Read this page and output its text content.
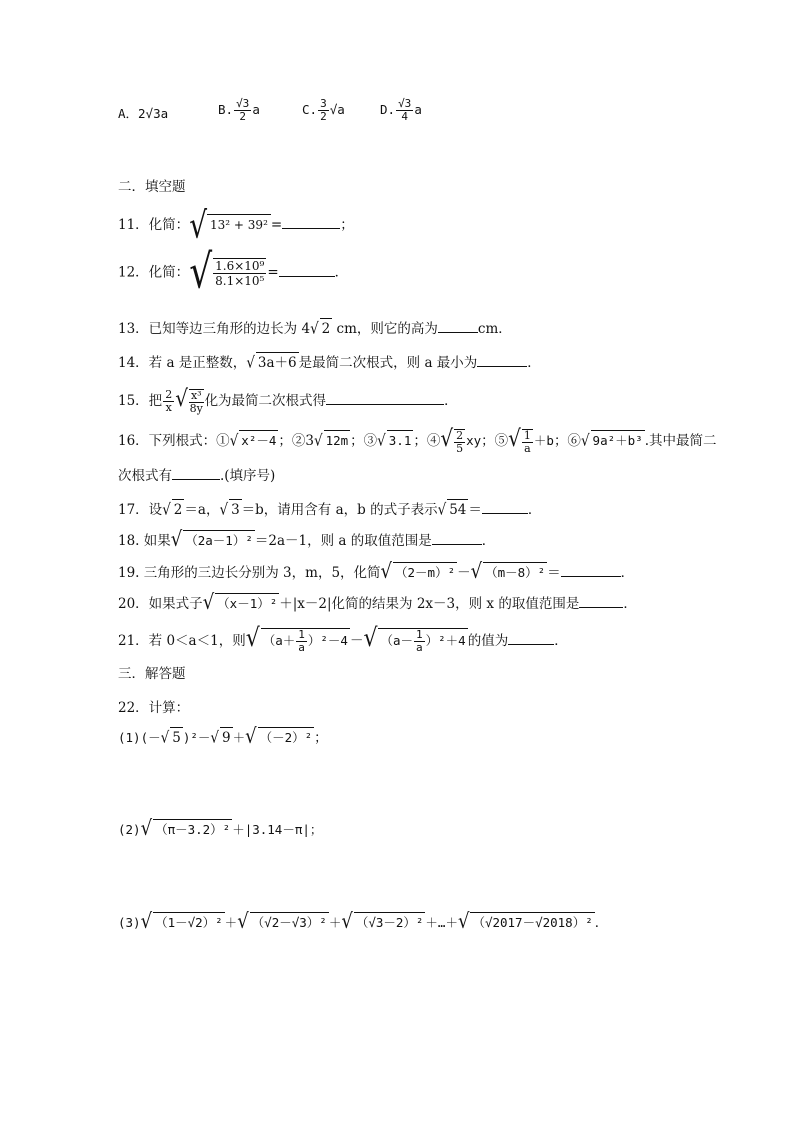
A．2√3a	B. $\frac{√3}{2}$ a	C. $\frac{3}{2} √a$	D. $\frac{√3}{4}$ a
二．填空题
11．化简：√ 13² + 39² =	；
12．化简：√ $\frac{\text{1.6×10⁹}}{\text{8.1×10⁵}}$ =	．
13．已知等边三角形的边长为 4√ 2 cm，则它的高为	cm．
14．若 a 是正整数，√ 3a＋6 是最简二次根式，则 a 最小为	．
15．把 $\frac{2}{x}$ √ $\frac{\text{x³}}{8y}$ 化为最简二次根式得	．
16．下列根式：①√ x²－4 ；②3√ 12m ；③√ 3.1 ；④√ $\frac{2}{5}$ xy；⑤√ $\frac{1}{a} +b$；⑥√ 9a²＋b³ .其中最简二
次根式有	.(填序号)
17．设√ 2 ＝a，√ 3 ＝b，请用含有 a，b 的式子表示√ 54 ＝	．
18. 如果√ （2a－1）² ＝2a－1，则 a 的取值范围是	．
19. 三角形的三边长分别为 3，m，5，化简√ （2－m）² －√ （m－8）² ＝	．
20．如果式子√ （x－1）² ＋|x－2|化简的结果为 2x－3，则 x 的取值范围是	．
21．若 0＜a＜1，则√ $(a+ \frac{1}{a} )^2-4$ －√ $(a- \frac{1}{a} )^2+4$ 的值为	．
三．解答题
22．计算：
(1)(－√ 5 )²－√ 9 ＋√ （－2）² ；
(2)√ （π－3.2）² ＋|3.14－π|；
(3)√ （1－√2）² ＋√ （√2－√3）² ＋√ （√3－2）² ＋…＋√ （√2017－√2018）² ．
